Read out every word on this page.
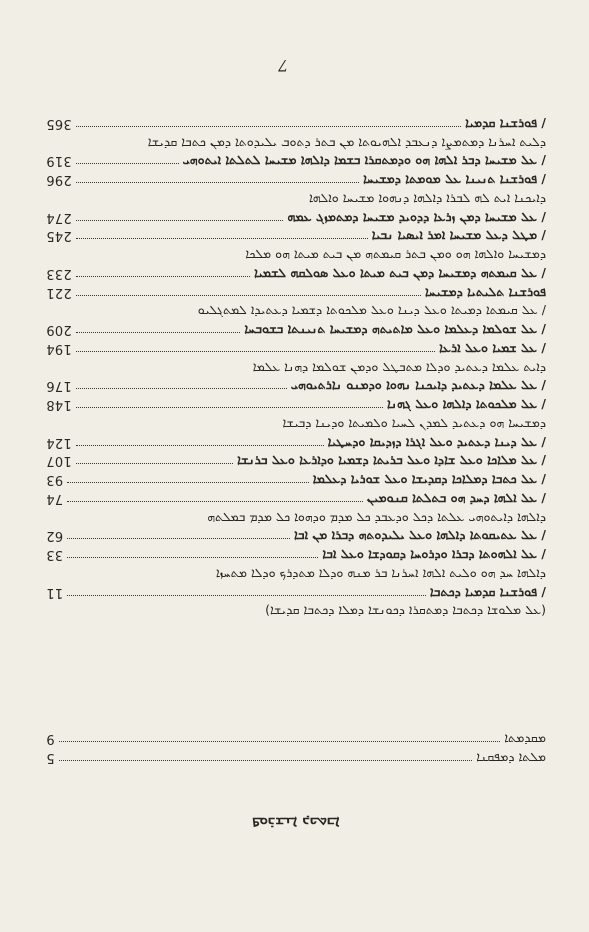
7
365	/ ܦܘܪܫܢܐ ܩܕܡܝܐ
ܕܠܝܬ ܐܚܪܢܐ ܕܡܬܡܨܐ ܕܢܥܒܕ ܐܠܗܝܘܬܐ ܡܢ ܒܬܪ ܕܬܘܒ ܝܠܝܕܘܬܐ ܕܡܢ ܟܬܒܐ ܩܕܝܫܐ
319	/ ܥܠ ܡܫܝܚܐ ܕܒܪ ܐܠܗܐ ܗܘ ܘܕܡܬܩܪܐ ܒܫܡܐ ܕܐܠܗܐ ܡܫܝܚܐ ܠܬܠܬܐ ܐܝܬܘܗܝ
296	/ ܦܘܪܫܢܐ ܬܢܝܢܐ ܥܠ ܡܘܡܬܐ ܕܡܫܝܚܐ
ܕܐܝܟܢܐ ܐܝܬ ܠܗ ܠܒܪܐ ܕܐܠܗܐ ܕܢܗܘܐ ܡܫܝܚܐ ܘܐܠܗܐ
274	/ ܥܠ ܡܫܝܚܐ ܕܡܢ ܙܪܥܐ ܕܕܘܝܕ ܡܫܝܚܐ ܕܡܬܡܙܓ ܥܡܗ
245	/ ܡܛܠ ܕܥܠ ܡܫܝܚܐ ܐܡܪ ܐܝܣܝܐ ܢܒܝܐ
ܕܡܫܝܚܐ ܘܐܠܗܐ ܗܘ ܘܡܢ ܒܬܪ ܩܝܡܬܗ ܡܢ ܒܝܬ ܡܝܬܐ ܗܘ ܡܠܟܐ
233	/ ܥܠ ܩܝܡܬܗ ܕܡܫܝܚܐ ܕܡܢ ܒܝܬ ܡܝܬܐ ܘܥܠ ܣܘܠܩܗ ܠܫܡܝܐ
221	ܦܘܪܫܢܐ ܬܠܝܬܝܐ ܕܡܫܝܚܐ
/ ܥܠ ܩܝܡܬܐ ܕܡܝܬܐ ܘܥܠ ܕܝܢܐ ܘܥܠ ܡܠܟܘܬܐ ܕܫܡܝܐ ܕܥܬܝܕܐ ܠܡܬܓܠܝܘ
209	/ ܥܠ ܫܘܠܡܐ ܕܥܠܡܐ ܘܥܠ ܡܐܬܝܬܗ ܕܡܫܝܚܐ ܬܢܝܢܬܐ ܒܫܘܒܚܐ
194	/ ܥܠ ܫܡܝܐ ܘܥܠ ܐܪܥܐ
ܕܐܝܬ ܥܠܡܐ ܕܥܬܝܕ ܘܕܠܐ ܡܬܒܛܠ ܘܕܡܢ ܫܘܠܡܐ ܕܗܢܐ ܥܠܡܐ
176	/ ܥܠ ܥܠܡܐ ܕܥܬܝܕ ܕܐܝܟܢܐ ܢܗܘܐ ܘܕܡܢܘ ܢܐܪܬܝܘܗܝ
148	/ ܥܠ ܡܠܟܘܬܐ ܕܐܠܗܐ ܘܥܠ ܓܗܢܐ
ܕܡܫܝܚܐ ܗܘ ܕܥܬܝܕ ܠܡܕܢ ܠܚܝܐ ܘܠܡܝܬܐ ܘܕܝܢܐ ܕܒܝܫܐ
124	/ ܥܠ ܕܝܢܐ ܕܥܬܝܕ ܘܥܠ ܐܓܪܐ ܕܙܕܝܩܐ ܘܕܚܛܝܐ
107	/ ܥܠ ܡܠܐܟܐ ܘܥܠ ܫܐܕܐ ܘܥܠ ܒܪܝܬܐ ܕܫܡܝܐ ܘܕܐܪܥܐ ܘܥܠ ܒܪܢܫܐ
93	/ ܥܠ ܟܬܒܐ ܕܡܠܐܟܐ ܕܩܕܝܫܐ ܘܥܠ ܫܘܪܝܐ ܕܥܠܡܐ
74	/ ܥܠ ܐܠܗܐ ܕܚܕ ܗܘ ܒܬܠܬܐ ܩܢܘܡܝܢ
ܕܐܠܗܐ ܕܐܝܬܘܗܝ ܥܠܬܐ ܕܟܠ ܘܕܥܒܕ ܟܠ ܡܕܡ ܘܕܗܘܐ ܟܠ ܡܕܡ ܒܡܠܬܗ
62	/ ܥܠ ܥܬܝܩܘܬܐ ܕܐܠܗܐ ܘܥܠ ܝܠܝܕܘܬܗ ܕܒܪܐ ܡܢ ܐܒܐ
33	/ ܥܠ ܐܠܗܘܬܐ ܕܒܪܐ ܘܕܪܘܚܐ ܕܩܘܕܫܐ ܘܥܠ ܐܒܐ
ܕܐܠܗܐ ܚܕ ܗܘ ܘܠܝܬ ܐܠܗܐ ܐܚܪܢܐ ܒܪ ܡܢܗ ܘܕܠܐ ܡܬܕܪܟ ܘܕܠܐ ܡܬܚܙܐ
11	/ ܦܘܪܫܢܐ ܩܕܡܝܐ ܕܟܬܒܐ
(ܥܠ ܡܠܘܫܐ ܕܟܬܒܐ ܕܡܬܩܪܐ ܕܟܘܢܫܐ ܕܡܠܐ ܕܟܬܒܐ ܩܕܝܫܐ)
9	ܡܩܕܡܬܐ
5	ܡܠܬܐ ܕܡܦܩܢܐ
ܦܘܪܫܢܐ ܕܟܬܒܐ
